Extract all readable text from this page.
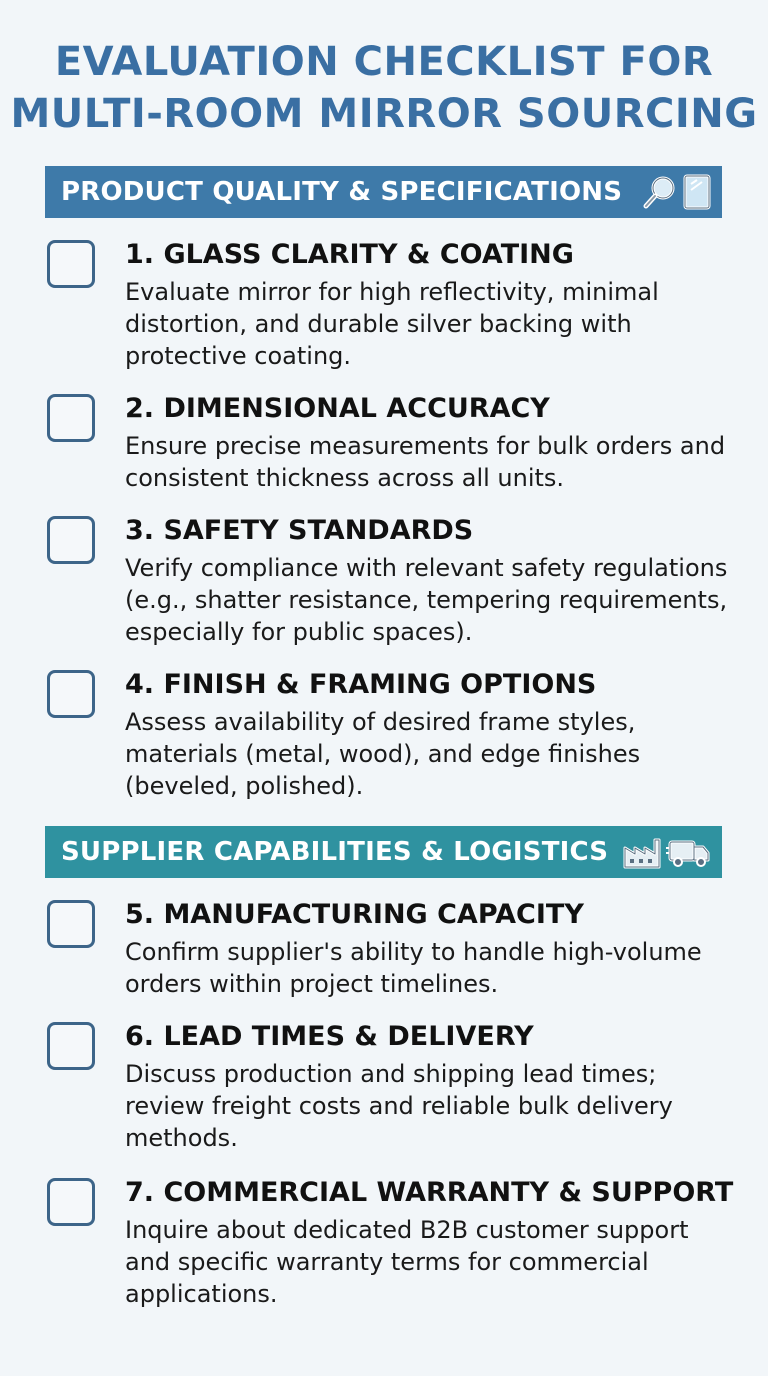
EVALUATION CHECKLIST FOR
MULTI-ROOM MIRROR SOURCING
PRODUCT QUALITY & SPECIFICATIONS
1. GLASS CLARITY & COATING
Evaluate mirror for high reflectivity, minimal distortion, and durable silver backing with protective coating.
2. DIMENSIONAL ACCURACY
Ensure precise measurements for bulk orders and consistent thickness across all units.
3. SAFETY STANDARDS
Verify compliance with relevant safety regulations (e.g., shatter resistance, tempering requirements, especially for public spaces).
4. FINISH & FRAMING OPTIONS
Assess availability of desired frame styles, materials (metal, wood), and edge finishes (beveled, polished).
SUPPLIER CAPABILITIES & LOGISTICS
5. MANUFACTURING CAPACITY
Confirm supplier's ability to handle high-volume orders within project timelines.
6. LEAD TIMES & DELIVERY
Discuss production and shipping lead times; review freight costs and reliable bulk delivery methods.
7. COMMERCIAL WARRANTY & SUPPORT
Inquire about dedicated B2B customer support and specific warranty terms for commercial applications.
